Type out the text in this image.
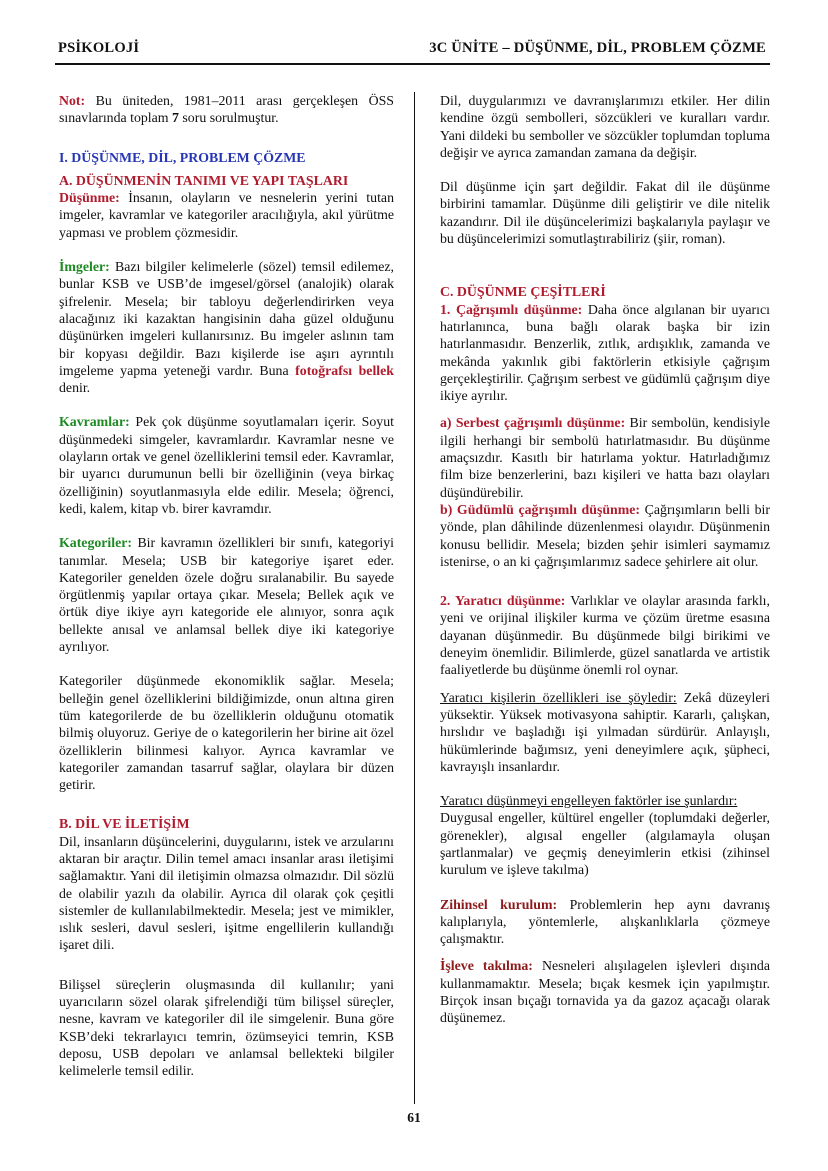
PSİKOLOJİ	3C ÜNİTE – DÜŞÜNME, DİL, PROBLEM ÇÖZME

Not: Bu üniteden, 1981–2011 arası gerçekleşen ÖSS sınavlarında toplam 7 soru sorulmuştur.

I. DÜŞÜNME, DİL, PROBLEM ÇÖZME

A. DÜŞÜNMENİN TANIMI VE YAPI TAŞLARI

Düşünme: İnsanın, olayların ve nesnelerin yerini tutan imgeler, kavramlar ve kategoriler aracılığıyla, akıl yürütme yapması ve problem çözmesidir.

İmgeler: Bazı bilgiler kelimelerle (sözel) temsil edilemez, bunlar KSB ve USB’de imgesel/görsel (analojik) olarak şifrelenir. Mesela; bir tabloyu değerlendirirken veya alacağınız iki kazaktan hangisinin daha güzel olduğunu düşünürken imgeleri kullanırsınız. Bu imgeler aslının tam bir kopyası değildir. Bazı kişilerde ise aşırı ayrıntılı imgeleme yapma yeteneği vardır. Buna fotoğrafsı bellek denir.

Kavramlar: Pek çok düşünme soyutlamaları içerir. Soyut düşünmedeki simgeler, kavramlardır. Kavramlar nesne ve olayların ortak ve genel özelliklerini temsil eder. Kavramlar, bir uyarıcı durumunun belli bir özelliğinin (veya birkaç özelliğinin) soyutlanmasıyla elde edilir. Mesela; öğrenci, kedi, kalem, kitap vb. birer kavramdır.

Kategoriler: Bir kavramın özellikleri bir sınıfı, kategoriyi tanımlar. Mesela; USB bir kategoriye işaret eder. Kategoriler genelden özele doğru sıralanabilir. Bu sayede örgütlenmiş yapılar ortaya çıkar. Mesela; Bellek açık ve örtük diye ikiye ayrı kategoride ele alınıyor, sonra açık bellekte anısal ve anlamsal bellek diye iki kategoriye ayrılıyor.

Kategoriler düşünmede ekonomiklik sağlar. Mesela; belleğin genel özelliklerini bildiğimizde, onun altına giren tüm kategorilerde de bu özelliklerin olduğunu otomatik bilmiş oluyoruz. Geriye de o kategorilerin her birine ait özel özelliklerin bilinmesi kalıyor. Ayrıca kavramlar ve kategoriler zamandan tasarruf sağlar, olaylara bir düzen getirir.

B. DİL VE İLETİŞİM

Dil, insanların düşüncelerini, duygularını, istek ve arzularını aktaran bir araçtır. Dilin temel amacı insanlar arası iletişimi sağlamaktır. Yani dil iletişimin olmazsa olmazıdır. Dil sözlü de olabilir yazılı da olabilir. Ayrıca dil olarak çok çeşitli sistemler de kullanılabilmektedir. Mesela; jest ve mimikler, ıslık sesleri, davul sesleri, işitme engellilerin kullandığı işaret dili.

Bilişsel süreçlerin oluşmasında dil kullanılır; yani uyarıcıların sözel olarak şifrelendiği tüm bilişsel süreçler, nesne, kavram ve kategoriler dil ile simgelenir. Buna göre KSB’deki tekrarlayıcı temrin, özümseyici temrin, KSB deposu, USB depoları ve anlamsal bellekteki bilgiler kelimelerle temsil edilir.

Dil, duygularımızı ve davranışlarımızı etkiler. Her dilin kendine özgü sembolleri, sözcükleri ve kuralları vardır. Yani dildeki bu semboller ve sözcükler toplumdan topluma değişir ve ayrıca zamandan zamana da değişir.

Dil düşünme için şart değildir. Fakat dil ile düşünme birbirini tamamlar. Düşünme dili geliştirir ve dile nitelik kazandırır. Dil ile düşüncelerimizi başkalarıyla paylaşır ve bu düşüncelerimizi somutlaştırabiliriz (şiir, roman).

C. DÜŞÜNME ÇEŞİTLERİ

1. Çağrışımlı düşünme: Daha önce algılanan bir uyarıcı hatırlanınca, buna bağlı olarak başka bir izin hatırlanmasıdır. Benzerlik, zıtlık, ardışıklık, zamanda ve mekânda yakınlık gibi faktörlerin etkisiyle çağrışım gerçekleştirilir. Çağrışım serbest ve güdümlü çağrışım diye ikiye ayrılır.

a) Serbest çağrışımlı düşünme: Bir sembolün, kendisiyle ilgili herhangi bir sembolü hatırlatmasıdır. Bu düşünme amaçsızdır. Kasıtlı bir hatırlama yoktur. Hatırladığımız film bize benzerlerini, bazı kişileri ve hatta bazı olayları düşündürebilir.

b) Güdümlü çağrışımlı düşünme: Çağrışımların belli bir yönde, plan dâhilinde düzenlenmesi olayıdır. Düşünmenin konusu bellidir. Mesela; bizden şehir isimleri saymamız istenirse, o an ki çağrışımlarımız sadece şehirlere ait olur.

2. Yaratıcı düşünme: Varlıklar ve olaylar arasında farklı, yeni ve orijinal ilişkiler kurma ve çözüm üretme esasına dayanan düşünmedir. Bu düşünmede bilgi birikimi ve deneyim önemlidir. Bilimlerde, güzel sanatlarda ve artistik faaliyetlerde bu düşünme önemli rol oynar.

Yaratıcı kişilerin özellikleri ise şöyledir: Zekâ düzeyleri yüksektir. Yüksek motivasyona sahiptir. Kararlı, çalışkan, hırslıdır ve başladığı işi yılmadan sürdürür. Anlayışlı, hükümlerinde bağımsız, yeni deneyimlere açık, şüpheci, kavrayışlı insanlardır.

Yaratıcı düşünmeyi engelleyen faktörler ise şunlardır:

Duygusal engeller, kültürel engeller (toplumdaki değerler, görenekler), algısal engeller (algılamayla oluşan şartlanmalar) ve geçmiş deneyimlerin etkisi (zihinsel kurulum ve işleve takılma)

Zihinsel kurulum: Problemlerin hep aynı davranış kalıplarıyla, yöntemlerle, alışkanlıklarla çözmeye çalışmaktır.

İşleve takılma: Nesneleri alışılagelen işlevleri dışında kullanmamaktır. Mesela; bıçak kesmek için yapılmıştır. Birçok insan bıçağı tornavida ya da gazoz açacağı olarak düşünemez.

61
